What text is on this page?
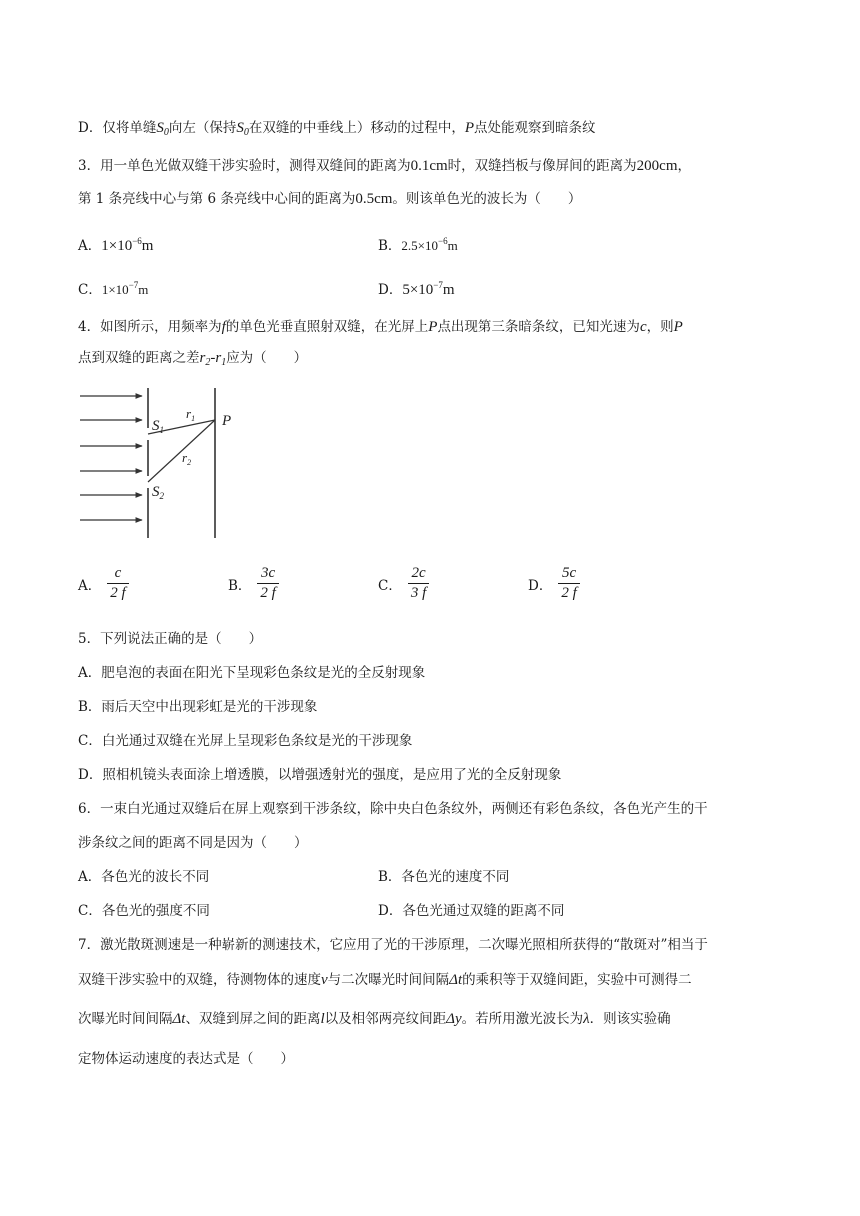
D．仅将单缝$S_0$向左（保持$S_0$在双缝的中垂线上）移动的过程中，P点处能观察到暗条纹
3．用一单色光做双缝干涉实验时，测得双缝间的距离为0.1cm时，双缝挡板与像屏间的距离为200cm，
第 1 条亮线中心与第 6 条亮线中心间的距离为0.5cm。则该单色光的波长为（　　）
A．$1\times 10^{-6}m$	B．$2.5\times 10^{-6}m$
C．$1\times 10^{-7}m$	D．$5\times 10^{-7}m$
4．如图所示，用频率为f的单色光垂直照射双缝，在光屏上P点出现第三条暗条纹，已知光速为c，则P
点到双缝的距离之差$r_2-r_1$应为（　　）
$S_1$
$S_2$
$r_1$
$r_2$
P
A． $\frac{c}{2 f}$	B． $\frac{3c}{2 f}$	C． $\frac{2c}{3 f}$	D． $\frac{5c}{2 f}$
5．下列说法正确的是（　　）
A．肥皂泡的表面在阳光下呈现彩色条纹是光的全反射现象
B．雨后天空中出现彩虹是光的干涉现象
C．白光通过双缝在光屏上呈现彩色条纹是光的干涉现象
D．照相机镜头表面涂上增透膜，以增强透射光的强度，是应用了光的全反射现象
6．一束白光通过双缝后在屏上观察到干涉条纹，除中央白色条纹外，两侧还有彩色条纹，各色光产生的干
涉条纹之间的距离不同是因为（　　）
A．各色光的波长不同	B．各色光的速度不同
C．各色光的强度不同	D．各色光通过双缝的距离不同
7．激光散斑测速是一种崭新的测速技术，它应用了光的干涉原理，二次曝光照相所获得的“散斑对”相当于
双缝干涉实验中的双缝，待测物体的速度v与二次曝光时间间隔Δt的乘积等于双缝间距，实验中可测得二
次曝光时间间隔Δt、双缝到屏之间的距离l以及相邻两亮纹间距Δy。若所用激光波长为λ．则该实验确
定物体运动速度的表达式是（　　）
